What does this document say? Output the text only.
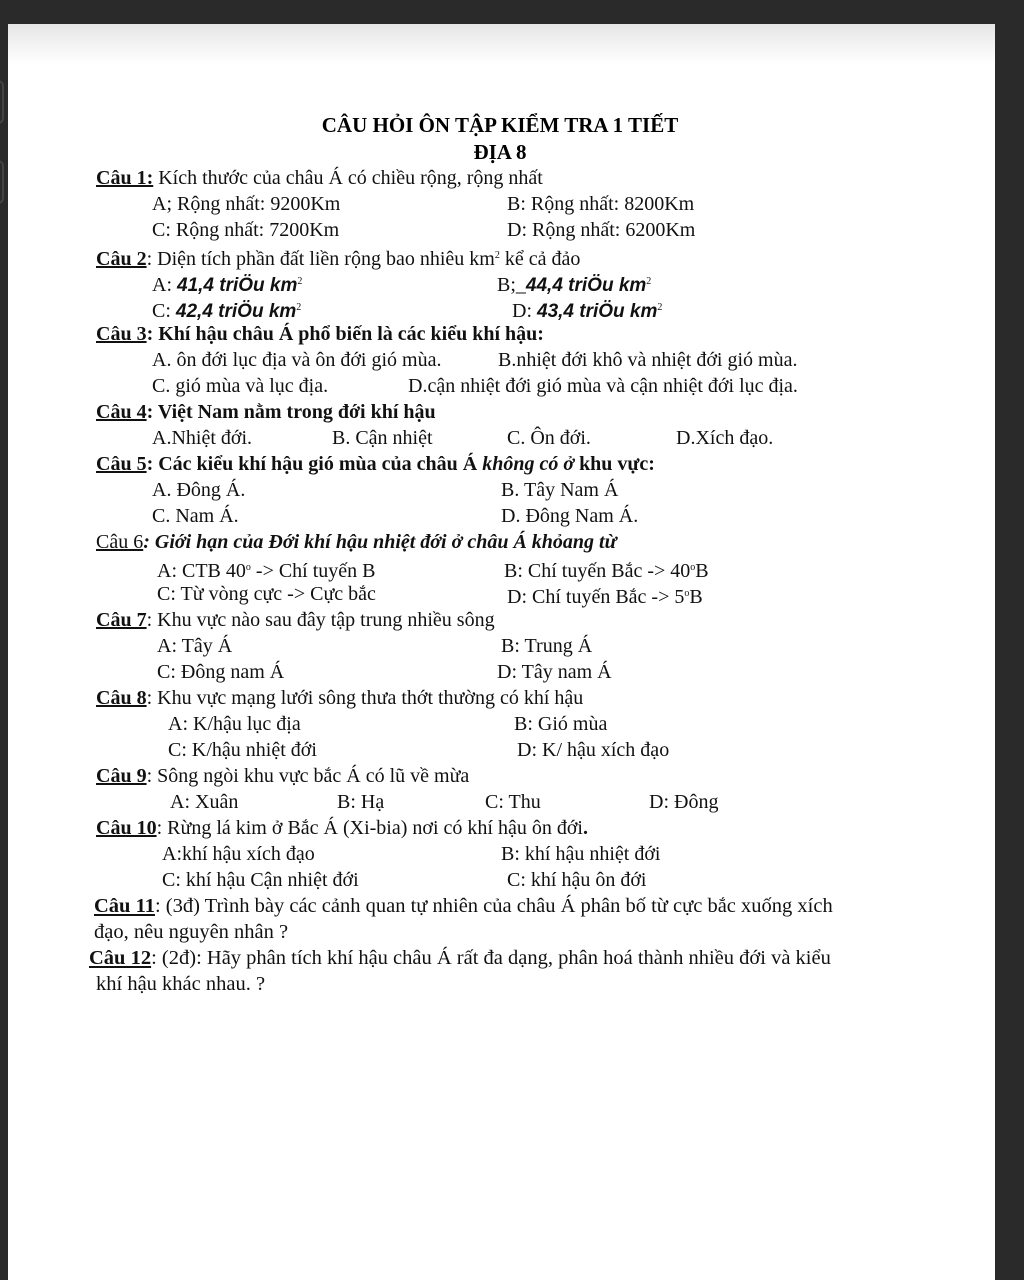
CÂU HỎI ÔN TẬP KIỂM TRA 1 TIẾT
ĐỊA 8
Câu 1: Kích thước của châu Á có chiều rộng, rộng nhất
A; Rộng nhất: 9200Km	B: Rộng nhất: 8200Km
C: Rộng nhất: 7200Km	D: Rộng nhất: 6200Km
Câu 2: Diện tích phần đất liền rộng bao nhiêu $km^2$ kể cả đảo
A: 41,4 triÖu $km^2$	B;_44,4 triÖu $km^2$
C: 42,4 triÖu $km^2$	D: 43,4 triÖu $km^2$
Câu 3: Khí hậu châu Á phổ biến là các kiểu khí hậu:
A. ôn đới lục địa và ôn đới gió mùa.	B.nhiệt đới khô và nhiệt đới gió mùa.
C. gió mùa và lục địa.	D.cận nhiệt đới gió mùa và cận nhiệt đới lục địa.
Câu 4: Việt Nam nằm trong đới khí hậu
A.Nhiệt đới.	B. Cận nhiệt	C. Ôn đới.	D.Xích đạo.
Câu 5: Các kiểu khí hậu gió mùa của châu Á không có ở khu vực:
A. Đông Á.	B. Tây Nam Á
C. Nam Á.	D. Đông Nam Á.
Câu 6: Giới hạn của Đới khí hậu nhiệt đới ở châu Á khỏang từ
A: CTB 40$^o$ -> Chí tuyến B	B: Chí tuyến Bắc -> $40^oB$
C: Từ vòng cực -> Cực bắc	D: Chí tuyến Bắc -> $5^oB$
Câu 7: Khu vực nào sau đây tập trung nhiều sông
A: Tây Á	B: Trung Á
C: Đông nam Á	D: Tây nam Á
Câu 8: Khu vực mạng lưới sông thưa thớt thường có khí hậu
A: K/hậu lục địa	B: Gió mùa
C: K/hậu nhiệt đới	D: K/ hậu xích đạo
Câu 9: Sông ngòi khu vực bắc Á có lũ về mừa
A: Xuân	B: Hạ	C: Thu	D: Đông
Câu 10: Rừng lá kim ở Bắc Á (Xi-bia) nơi có khí hậu ôn đới.
A:khí hậu xích đạo	B: khí hậu nhiệt đới
C: khí hậu Cận nhiệt đới	C: khí hậu ôn đới
Câu 11: (3đ) Trình bày các cảnh quan tự nhiên của châu Á phân bố từ cực bắc xuống xích
đạo, nêu nguyên nhân ?
Câu 12: (2đ): Hãy phân tích khí hậu châu Á rất đa dạng, phân hoá thành nhiều đới và kiểu
khí hậu khác nhau. ?
